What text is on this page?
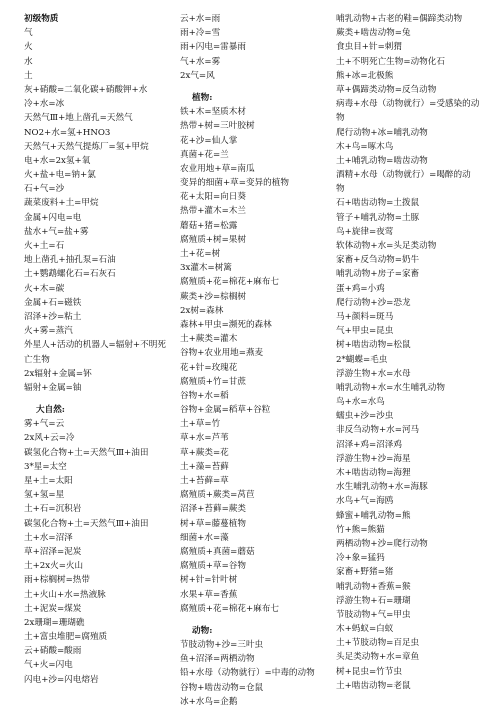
初级物质
气
火
水
土
灰+硝酸=二氧化碳+硝酸钾+水
冷+水=冰
天然气Ⅲ+地上凿孔=天然气
NO2+水=氢+HNO3
天然气+天然气提炼厂=氢+甲烷
电+水=2x氢+氧
火+盐+电=钠+氯
石+气=沙
蔬菜废料+土=甲烷
金属+闪电=电
盐水+气=盐+雾
火+土=石
地上凿孔+抽孔泵=石油
土+鹦鹉螺化石=石灰石
火+木=碳
金属+石=磁铁
沼泽+沙=粘土
火+雾=蒸汽
外星人+活动的机器人=辐射+不明死
亡生物
2x辐射+金属=钚
辐射+金属=铀
大自然:
雾+气=云
2x风+云=冷
碳氢化合物+土=天然气Ⅲ+油田
3*星=太空
星+土=太阳
氢+氢=星
土+石=沉积岩
碳氢化合物+土=天然气Ⅲ+油田
土+水=沼泽
草+沼泽=泥炭
土+2x火=火山
雨+棕榈树=热带
土+火山+水=热液脉
土+泥炭=煤炭
2x珊瑚=珊瑚礁
土+富虫堆肥=腐殖质
云+硝酸=酸雨
气+火=闪电
闪电+沙=闪电熔岩
云+水=雨
雨+冷=雪
雨+闪电=雷暴雨
气+水=雾
2x气=风
植物:
铁+木=坚质木材
热带+树=三叶胶树
花+沙=仙人掌
真菌+花=兰
农业用地+草=南瓜
变异的细菌+草=变异的植物
花+太阳=向日葵
热带+灌木=木兰
蘑菇+猪=松露
腐殖质+树=果树
土+花=树
3x灌木=树篱
腐殖质+花=棉花+麻布七
蕨类+沙=棕榈树
2x树=森林
森林+甲虫=濒死的森林
土+蕨类=灌木
谷物+农业用地=燕麦
花+针=玫瑰花
腐殖质+竹=甘蔗
谷物+水=稻
谷物+金属=稻草+谷粒
土+草=竹
草+水=芦苇
草+蕨类=花
土+藻=苔藓
土+苔藓=草
腐殖质+蕨类=莴苣
沼泽+苔藓=蕨类
树+草=藤蔓植物
细菌+水=藻
腐殖质+真菌=蘑菇
腐殖质+草=谷物
树+针=针叶树
水果+草=香蕉
腐殖质+花=棉花+麻布七
动物:
节肢动物+沙=三叶虫
鱼+沼泽=两栖动物
铅+水母（动物就行）=中毒的动物
谷物+啮齿动物=仓鼠
冰+水鸟=企鹅
哺乳动物+古老的鞋=偶蹄类动物
蕨类+啮齿动物=兔
食虫目+针=刺猬
土+不明死亡生物=动物化石
熊+冰=北极熊
草+偶蹄类动物=反刍动物
病毒+水母（动物就行）=受感染的动
物
爬行动物+冰=哺乳动物
木+鸟=啄木鸟
土+哺乳动物=啮齿动物
酒精+水母（动物就行）=喝醉的动
物
石+啮齿动物=土拨鼠
管子+哺乳动物=土豚
鸟+旋律=夜莺
软体动物+水=头足类动物
家畜+反刍动物=奶牛
哺乳动物+房子=家畜
蛋+鸡=小鸡
爬行动物+沙=恐龙
马+颜料=斑马
气+甲虫=昆虫
树+啮齿动物=松鼠
2*蝴蝶=毛虫
浮游生物+水=水母
哺乳动物+水=水生哺乳动物
鸟+水=水鸟
蠕虫+沙=沙虫
非反刍动物+水=河马
沼泽+鸡=沼泽鸡
浮游生物+沙=海星
木+啮齿动物=海狸
水生哺乳动物+水=海豚
水鸟+气=海鸥
蜂蜜+哺乳动物=熊
竹+熊=熊猫
两栖动物+沙=爬行动物
冷+象=猛犸
家畜+野猪=猪
哺乳动物+香蕉=猴
浮游生物+石=珊瑚
节肢动物+气=甲虫
木+蚂蚁=白蚁
土+节肢动物=百足虫
头足类动物+水=章鱼
树+昆虫=竹节虫
土+啮齿动物=老鼠
